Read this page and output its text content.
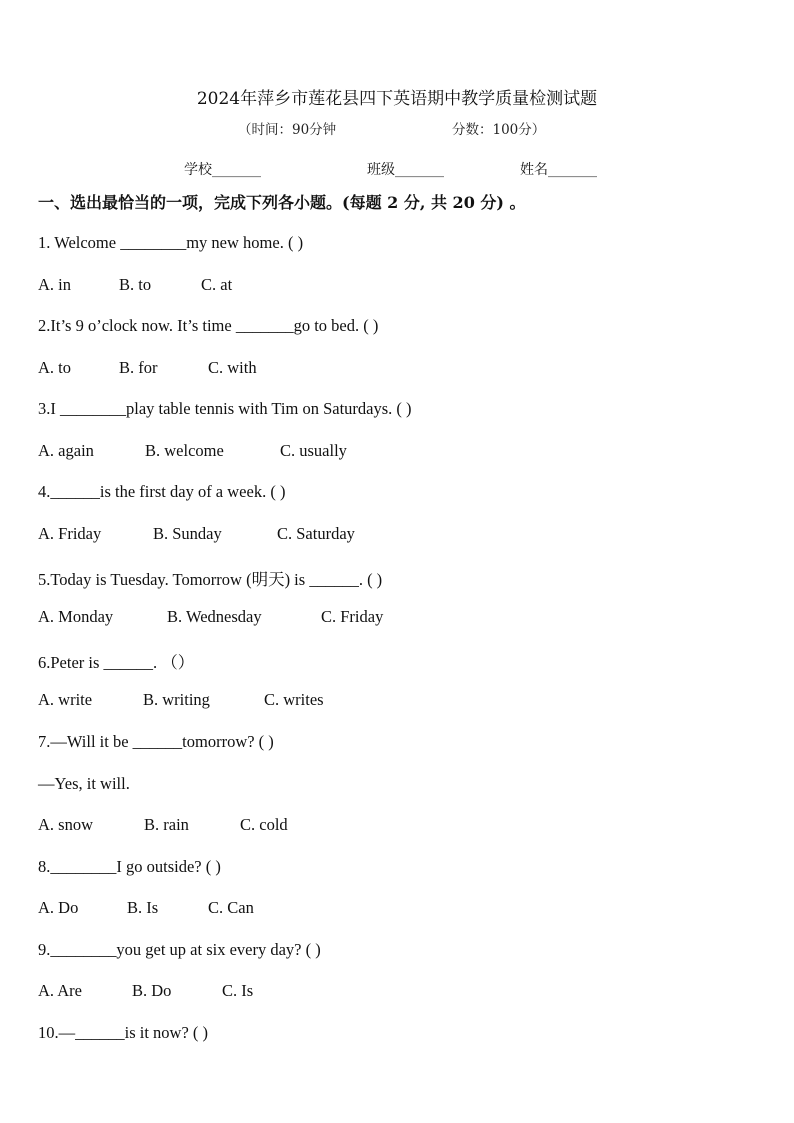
2024年萍乡市莲花县四下英语期中教学质量检测试题
（时间：90分钟	分数：100分）
学校_______	班级_______	姓名_______
一、选出最恰当的一项，完成下列各小题。(每题 2 分, 共 20 分) 。
1. Welcome ________my new home. ( )
A. in	B. to	C. at
2.It’s 9 o’clock now. It’s time _______go to bed. ( )
A. to	B. for	C. with
3.I ________play table tennis with Tim on Saturdays. ( )
A. again	B. welcome	C. usually
4.______is the first day of a week. ( )
A. Friday	B. Sunday	C. Saturday
5.Today is Tuesday. Tomorrow (明天) is ______. ( )
A. Monday	B. Wednesday	C. Friday
6.Peter is ______. （）
A. write	B. writing	C. writes
7.—Will it be ______tomorrow? ( )
—Yes, it will.
A. snow	B. rain	C. cold
8.________I go outside? ( )
A. Do	B. Is	C. Can
9.________you get up at six every day? ( )
A. Are	B. Do	C. Is
10.—______is it now? ( )
